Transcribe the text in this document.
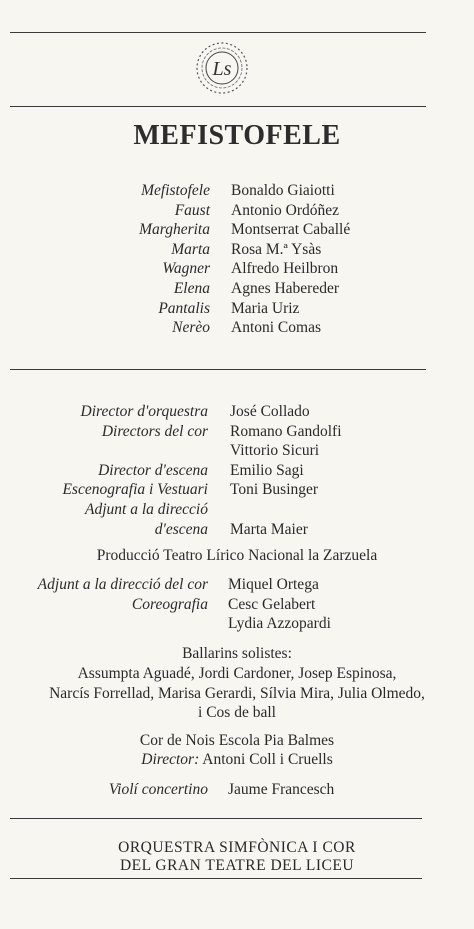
Ls
MEFISTOFELE
Mefistofele Bonaldo Giaiotti
Faust Antonio Ordóñez
Margherita Montserrat Caballé
Marta Rosa M.ª Ysàs
Wagner Alfredo Heilbron
Elena Agnes Habereder
Pantalis Maria Uriz
Nerèo Antoni Comas
Director d'orquestra José Collado
Directors del cor Romano Gandolfi
Vittorio Sicuri
Director d'escena Emilio Sagi
Escenografia i Vestuari Toni Businger
Adjunt a la direcció
d'escena Marta Maier
Producció Teatro Lírico Nacional la Zarzuela
Adjunt a la direcció del cor Miquel Ortega
Coreografia Cesc Gelabert
Lydia Azzopardi
Ballarins solistes:
Assumpta Aguadé, Jordi Cardoner, Josep Espinosa,
Narcís Forrellad, Marisa Gerardi, Sílvia Mira, Julia Olmedo,
i Cos de ball
Cor de Nois Escola Pia Balmes
Director: Antoni Coll i Cruells
Violí concertino Jaume Francesch
ORQUESTRA SIMFÒNICA I COR
DEL GRAN TEATRE DEL LICEU
